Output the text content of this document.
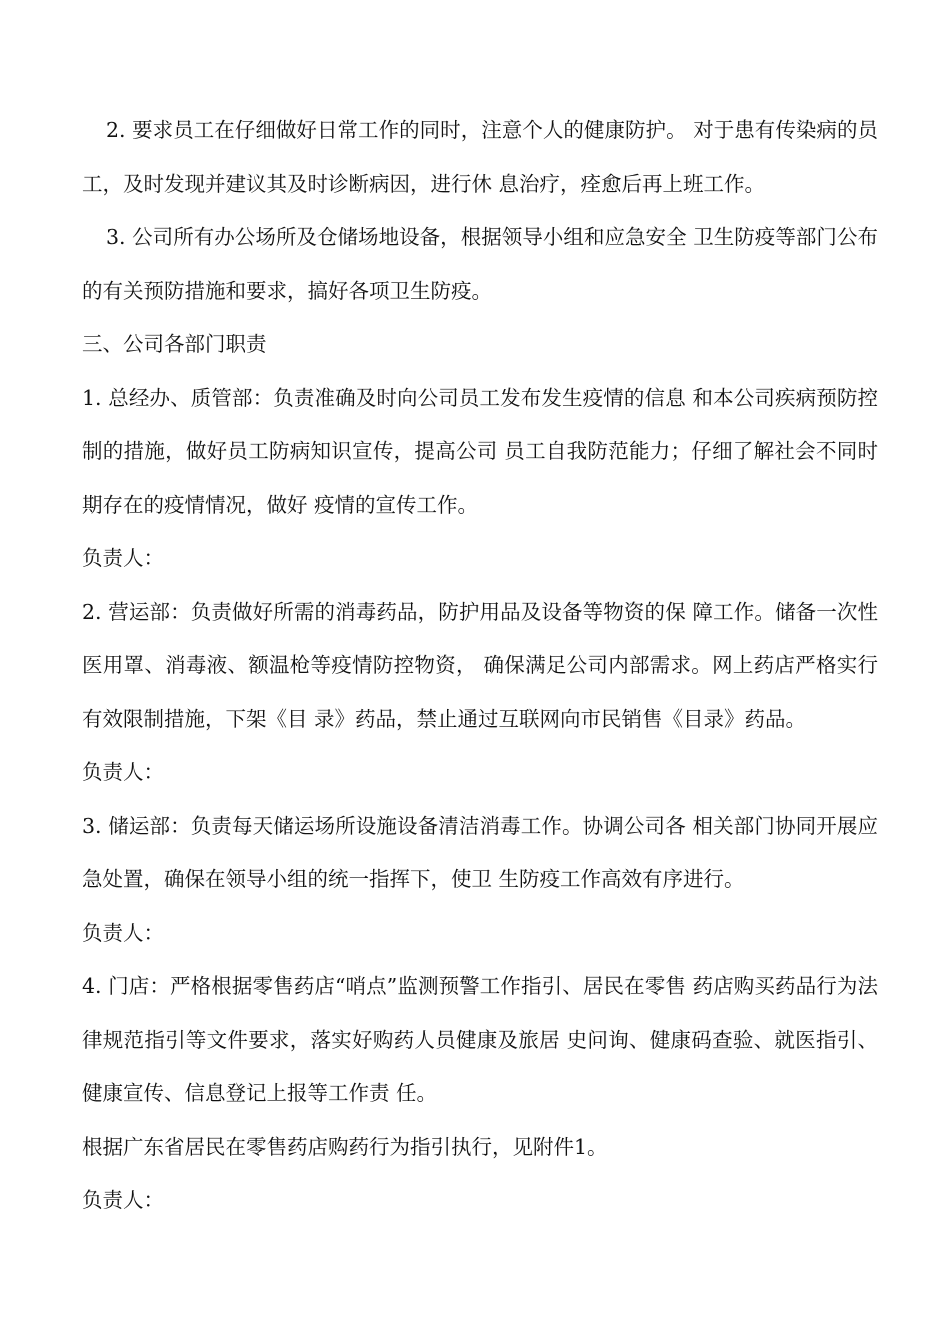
2. 要求员工在仔细做好日常工作的同时，注意个人的健康防护。 对于患有传染病的员工，及时发现并建议其及时诊断病因，进行休 息治疗，痊愈后再上班工作。

3. 公司所有办公场所及仓储场地设备，根据领导小组和应急安全 卫生防疫等部门公布的有关预防措施和要求，搞好各项卫生防疫。

三、公司各部门职责

1. 总经办、质管部：负责准确及时向公司员工发布发生疫情的信息 和本公司疾病预防控制的措施，做好员工防病知识宣传，提高公司 员工自我防范能力；仔细了解社会不同时期存在的疫情情况，做好 疫情的宣传工作。

负责人：

2. 营运部：负责做好所需的消毒药品，防护用品及设备等物资的保 障工作。储备一次性医用罩、消毒液、额温枪等疫情防控物资， 确保满足公司内部需求。网上药店严格实行有效限制措施，下架《目 录》药品，禁止通过互联网向市民销售《目录》药品。

负责人：

3. 储运部：负责每天储运场所设施设备清洁消毒工作。协调公司各 相关部门协同开展应急处置，确保在领导小组的统一指挥下，使卫 生防疫工作高效有序进行。

负责人：

4. 门店：严格根据零售药店“哨点”监测预警工作指引、居民在零售 药店购买药品行为法律规范指引等文件要求，落实好购药人员健康及旅居 史问询、健康码查验、就医指引、健康宣传、信息登记上报等工作责 任。

根据广东省居民在零售药店购药行为指引执行，见附件1。

负责人：
